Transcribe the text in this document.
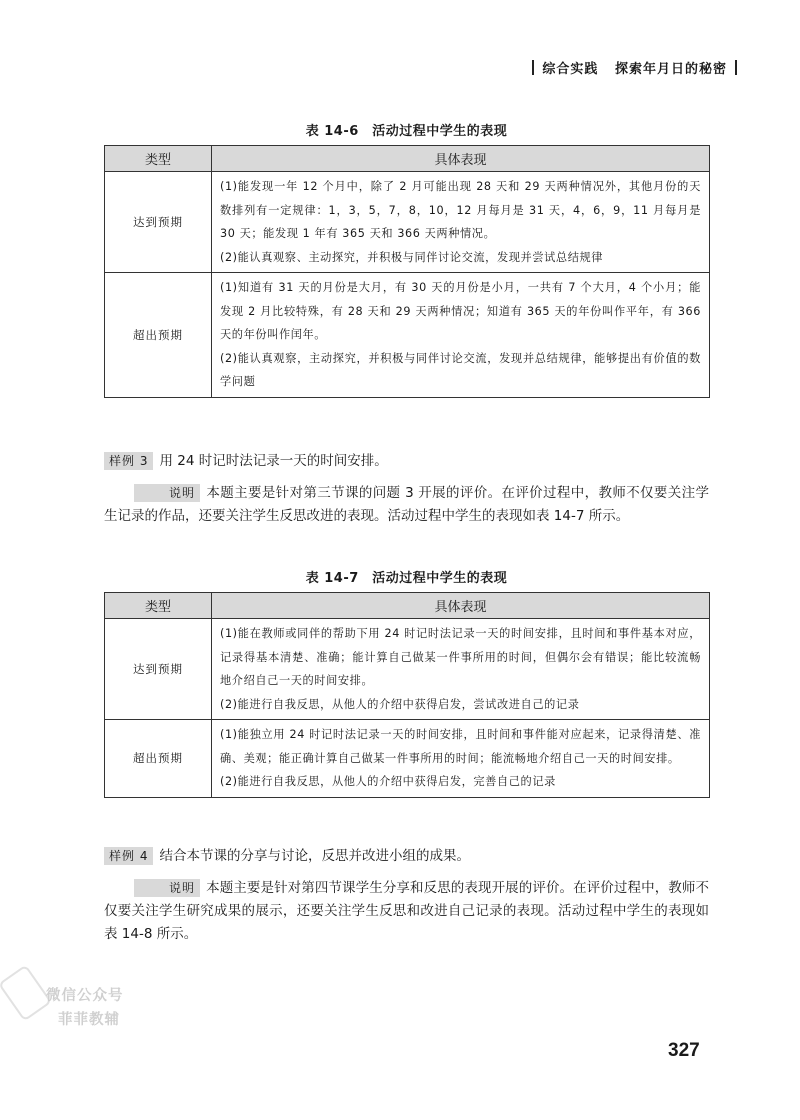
综合实践 探索年月日的秘密
表 14-6　活动过程中学生的表现
类型	具体表现
达到预期	(1)能发现一年 12 个月中，除了 2 月可能出现 28 天和 29 天两种情况外，其他月份的天数排列有一定规律：1，3，5，7，8，10，12 月每月是 31 天，4，6，9，11 月每月是 30 天；能发现 1 年有 365 天和 366 天两种情况。

(2)能认真观察、主动探究，并积极与同伴讨论交流，发现并尝试总结规律

超出预期	(1)知道有 31 天的月份是大月，有 30 天的月份是小月，一共有 7 个大月，4 个小月；能发现 2 月比较特殊，有 28 天和 29 天两种情况；知道有 365 天的年份叫作平年，有 366 天的年份叫作闰年。

(2)能认真观察，主动探究，并积极与同伴讨论交流，发现并总结规律，能够提出有价值的数学问题

样例 3 用 24 时记时法记录一天的时间安排。

说明 本题主要是针对第三节课的问题 3 开展的评价。在评价过程中，教师不仅要关注学生记录的作品，还要关注学生反思改进的表现。活动过程中学生的表现如表 14-7 所示。

表 14-7　活动过程中学生的表现
类型	具体表现
达到预期	(1)能在教师或同伴的帮助下用 24 时记时法记录一天的时间安排，且时间和事件基本对应，记录得基本清楚、准确；能计算自己做某一件事所用的时间，但偶尔会有错误；能比较流畅地介绍自己一天的时间安排。

(2)能进行自我反思，从他人的介绍中获得启发，尝试改进自己的记录

超出预期	(1)能独立用 24 时记时法记录一天的时间安排，且时间和事件能对应起来，记录得清楚、准确、美观；能正确计算自己做某一件事所用的时间；能流畅地介绍自己一天的时间安排。

(2)能进行自我反思，从他人的介绍中获得启发，完善自己的记录

样例 4 结合本节课的分享与讨论，反思并改进小组的成果。

说明 本题主要是针对第四节课学生分享和反思的表现开展的评价。在评价过程中，教师不仅要关注学生研究成果的展示，还要关注学生反思和改进自己记录的表现。活动过程中学生的表现如表 14-8 所示。

微信公众号
菲菲教辅
327
